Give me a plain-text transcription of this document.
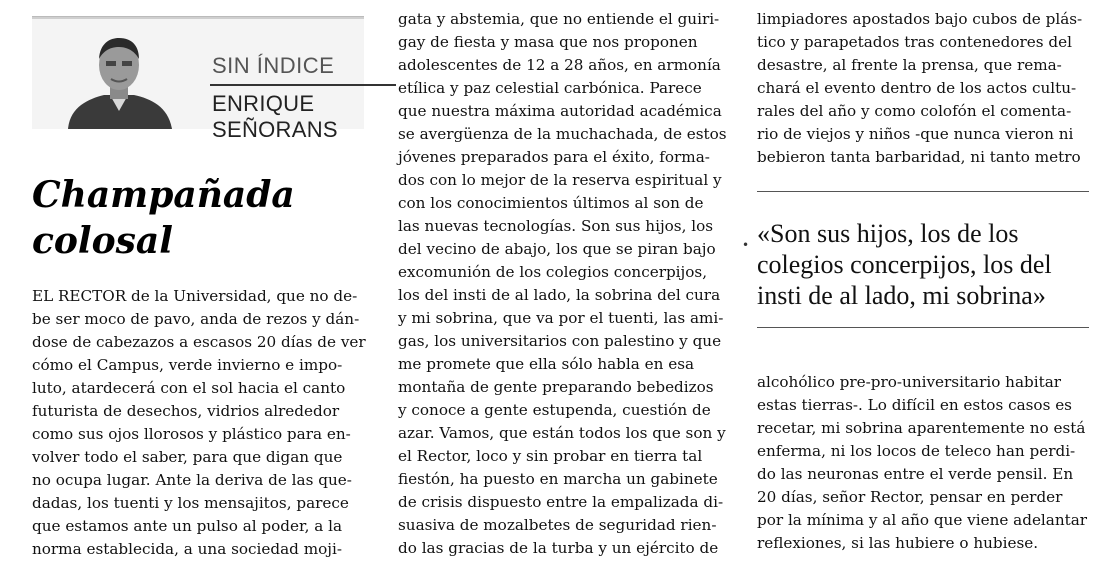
SIN ÍNDICE
ENRIQUE
SEÑORANS
Champañada
colosal
EL RECTOR de la Universidad, que no de-
be ser moco de pavo, anda de rezos y dán-
dose de cabezazos a escasos 20 días de ver
cómo el Campus, verde invierno e impo-
luto, atardecerá con el sol hacia el canto
futurista de desechos, vidrios alrededor
como sus ojos llorosos y plástico para en-
volver todo el saber, para que digan que
no ocupa lugar. Ante la deriva de las que-
dadas, los tuenti y los mensajitos, parece
que estamos ante un pulso al poder, a la
norma establecida, a una sociedad moji-
gata y abstemia, que no entiende el guiri-
gay de fiesta y masa que nos proponen
adolescentes de 12 a 28 años, en armonía
etílica y paz celestial carbónica. Parece
que nuestra máxima autoridad académica
se avergüenza de la muchachada, de estos
jóvenes preparados para el éxito, forma-
dos con lo mejor de la reserva espiritual y
con los conocimientos últimos al son de
las nuevas tecnologías. Son sus hijos, los
del vecino de abajo, los que se piran bajo
excomunión de los colegios concerpijos,
los del insti de al lado, la sobrina del cura
y mi sobrina, que va por el tuenti, las ami-
gas, los universitarios con palestino y que
me promete que ella sólo habla en esa
montaña de gente preparando bebedizos
y conoce a gente estupenda, cuestión de
azar. Vamos, que están todos los que son y
el Rector, loco y sin probar en tierra tal
fiestón, ha puesto en marcha un gabinete
de crisis dispuesto entre la empalizada di-
suasiva de mozalbetes de seguridad rien-
do las gracias de la turba y un ejército de
limpiadores apostados bajo cubos de plás-
tico y parapetados tras contenedores del
desastre, al frente la prensa, que rema-
chará el evento dentro de los actos cultu-
rales del año y como colofón el comenta-
rio de viejos y niños -que nunca vieron ni
bebieron tanta barbaridad, ni tanto metro
• «Son sus hijos, los de los
colegios concerpijos, los del
insti de al lado, mi sobrina»
alcohólico pre-pro-universitario habitar
estas tierras-. Lo difícil en estos casos es
recetar, mi sobrina aparentemente no está
enferma, ni los locos de teleco han perdi-
do las neuronas entre el verde pensil. En
20 días, señor Rector, pensar en perder
por la mínima y al año que viene adelantar
reflexiones, si las hubiere o hubiese.
